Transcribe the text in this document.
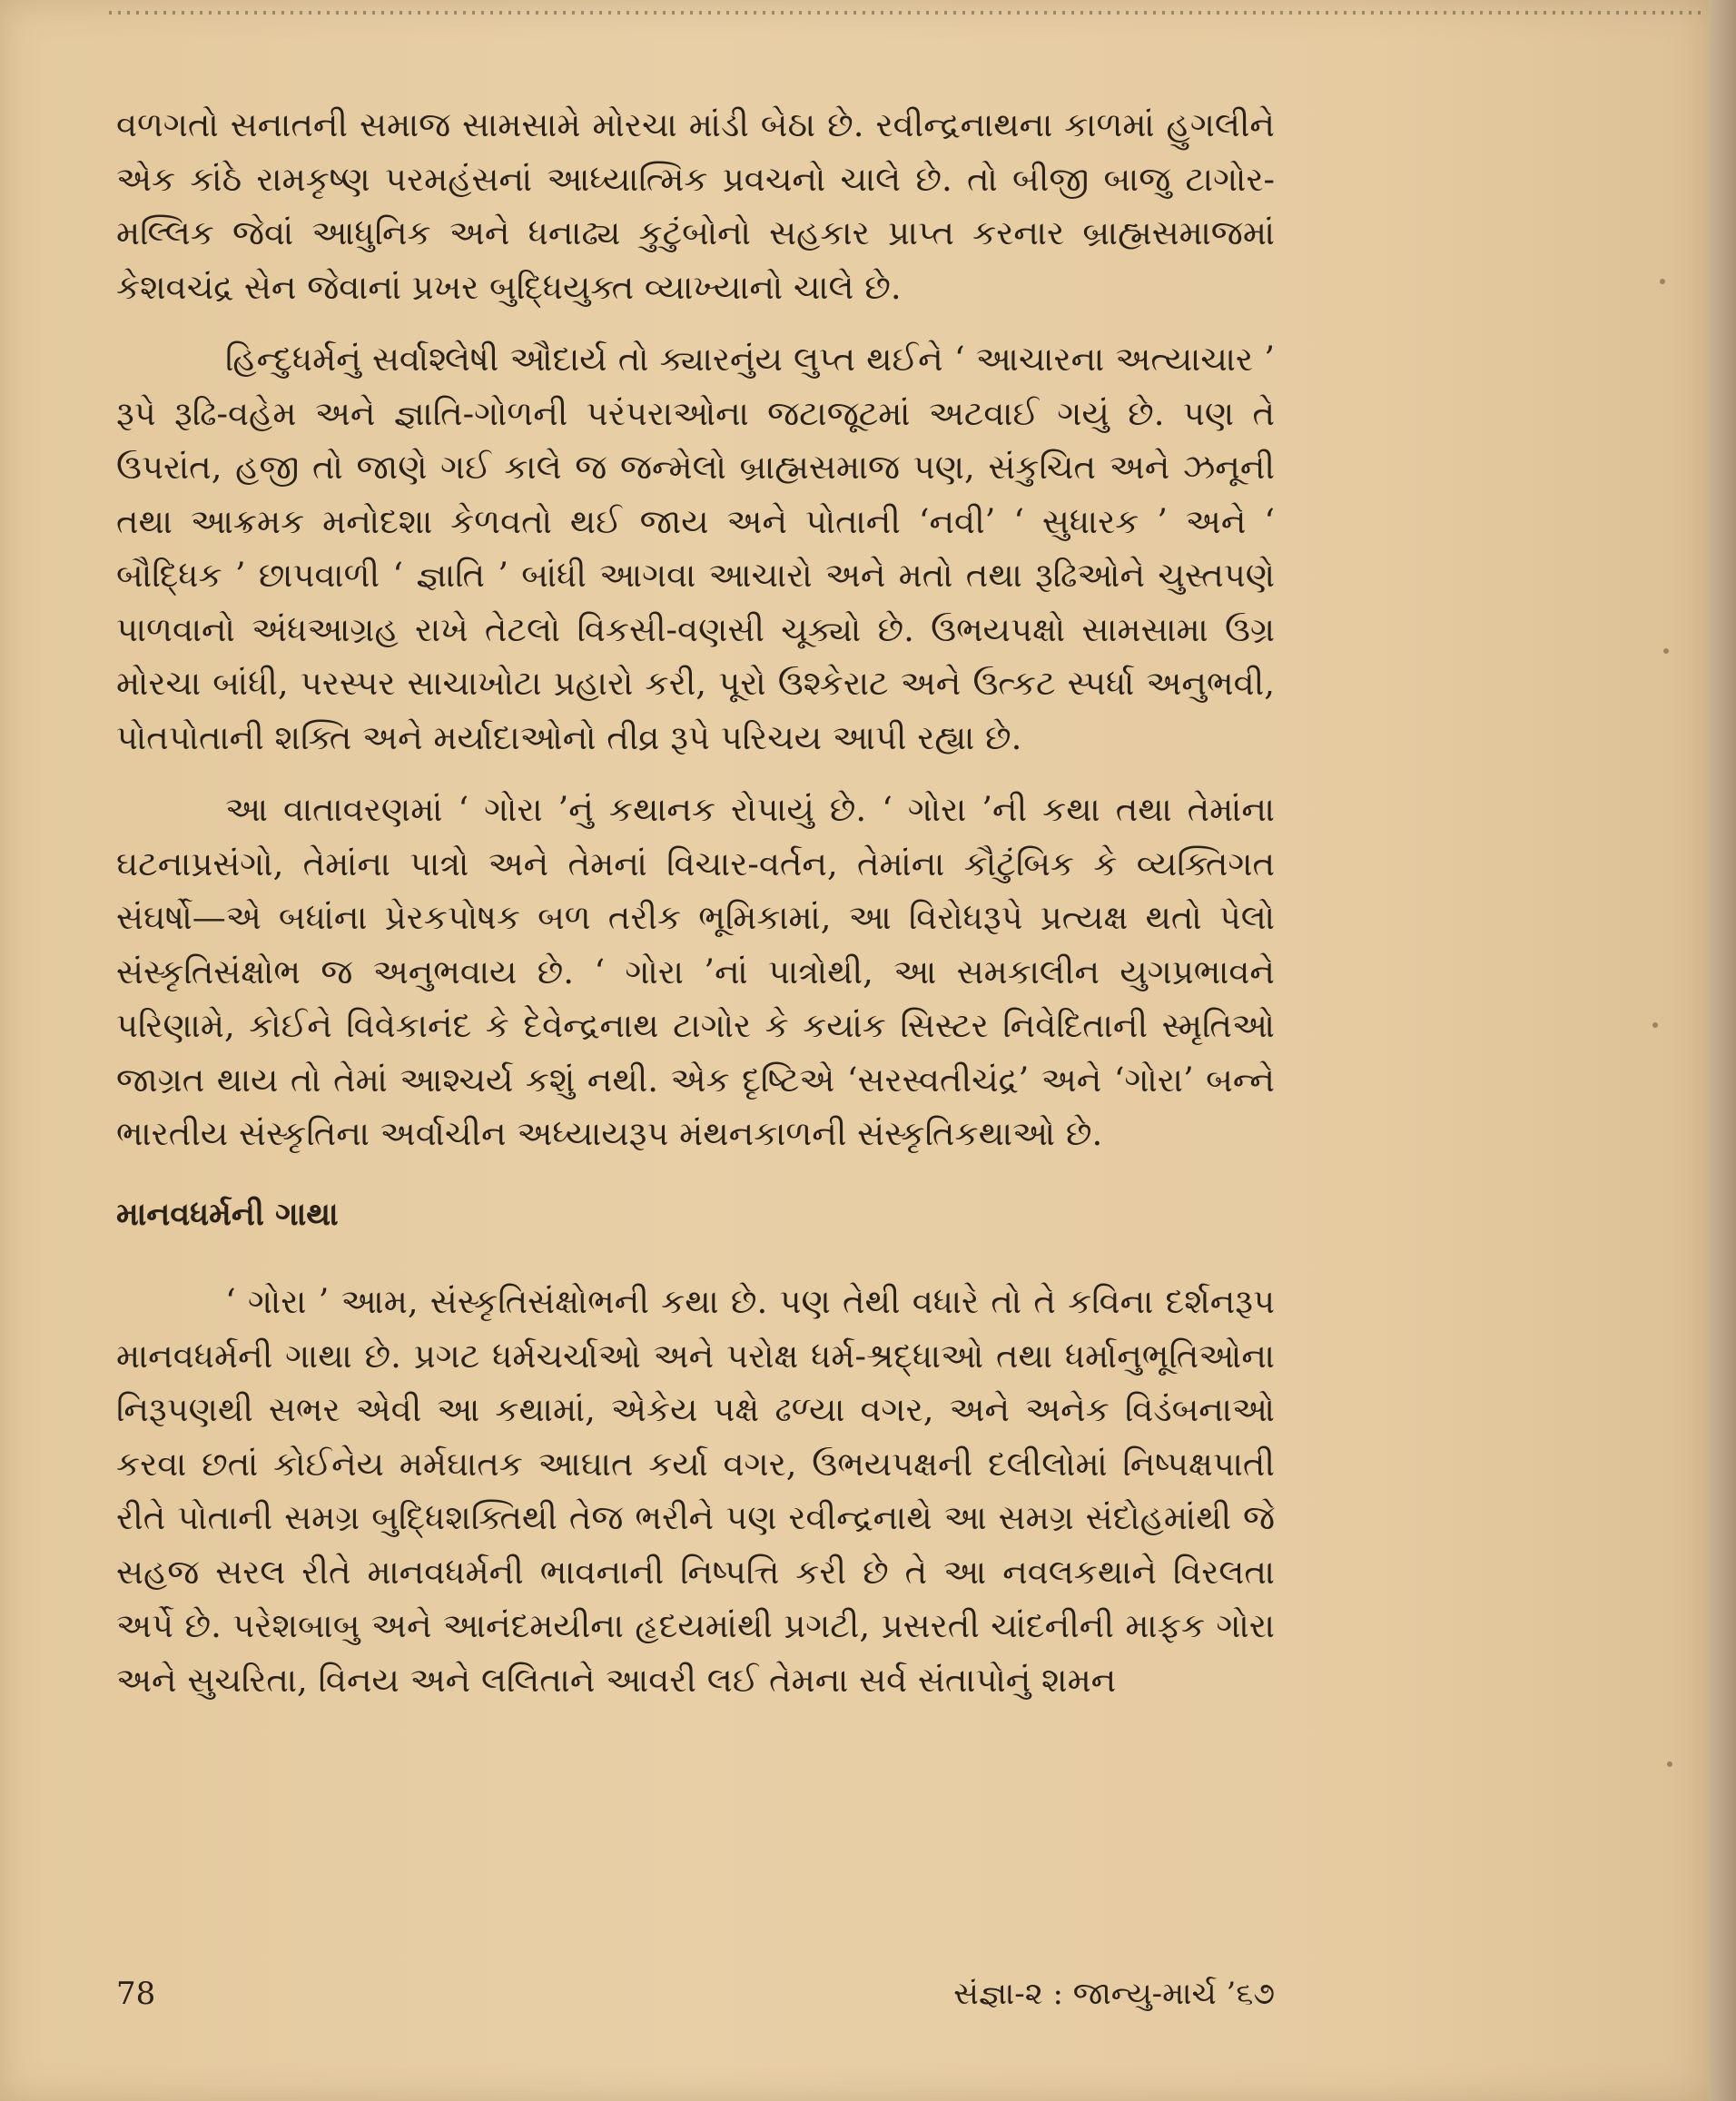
વળગતો સનાતની સમાજ સામસામે મોરચા માંડી બેઠા છે. રવીન્દ્રનાથના કાળમાં હુગલીને એક કાંઠે રામકૃષ્ણ પરમહંસનાં આધ્યાત્મિક પ્રવચનો ચાલે છે. તો બીજી બાજુ ટાગોર- મલ્લિક જેવાં આધુનિક અને ધનાઢ્ય કુટુંબોનો સહકાર પ્રાપ્ત કરનાર બ્રાહ્મસમાજમાં કેશવચંદ્ર સેન જેવાનાં પ્રખર બુદ્ધિયુક્ત વ્યાખ્યાનો ચાલે છે.

હિન્દુધર્મનું સર્વાશ્લેષી ઔદાર્ય તો ક્યારનુંય લુપ્ત થઈને ‘ આચારના અત્યાચાર ’ રૂપે રૂઢિ-વહેમ અને જ્ઞાતિ-ગોળની પરંપરાઓના જટાજૂટમાં અટવાઈ ગયું છે. પણ તે ઉપરાંત, હજી તો જાણે ગઈ કાલે જ જન્મેલો બ્રાહ્મસમાજ પણ, સંકુચિત અને ઝનૂની તથા આક્રમક મનોદશા કેળવતો થઈ જાય અને પોતાની ‘નવી’ ‘ સુધારક ’ અને ‘ બૌદ્ધિક ’ છાપવાળી ‘ જ્ઞાતિ ’ બાંધી આગવા આચારો અને મતો તથા રૂઢિઓને ચુસ્તપણે પાળવાનો અંધઆગ્રહ રાખે તેટલો વિકસી-વણસી ચૂક્યો છે. ઉભયપક્ષો સામસામા ઉગ્ર મોરચા બાંધી, પરસ્પર સાચાખોટા પ્રહારો કરી, પૂરો ઉશ્કેરાટ અને ઉત્કટ સ્પર્ધા અનુભવી, પોતપોતાની શક્તિ અને મર્યાદાઓનો તીવ્ર રૂપે પરિચય આપી રહ્યા છે.

આ વાતાવરણમાં ‘ ગોરા ’નું કથાનક રોપાયું છે. ‘ ગોરા ’ની કથા તથા તેમાંના ઘટનાપ્રસંગો, તેમાંના પાત્રો અને તેમનાં વિચાર-વર્તન, તેમાંના કૌટુંબિક કે વ્યક્તિગત સંઘર્ષો—એ બધાંના પ્રેરકપોષક બળ તરીક ભૂમિકામાં, આ વિરોધરૂપે પ્રત્યક્ષ થતો પેલો સંસ્કૃતિસંક્ષોભ જ અનુભવાય છે. ‘ ગોરા ’નાં પાત્રોથી, આ સમકાલીન યુગપ્રભાવને પરિણામે, કોઈને વિવેકાનંદ કે દેવેન્દ્રનાથ ટાગોર કે કયાંક સિસ્ટર નિવેદિતાની સ્મૃતિઓ જાગ્રત થાય તો તેમાં આશ્ચર્ય કશું નથી. એક દૃષ્ટિએ ‘સરસ્વતીચંદ્ર’ અને ‘ગોરા’ બન્ને ભારતીય સંસ્કૃતિના અર્વાચીન અધ્યાયરૂપ મંથનકાળની સંસ્કૃતિકથાઓ છે.

માનવધર્મની ગાથા

‘ ગોરા ’ આમ, સંસ્કૃતિસંક્ષોભની કથા છે. પણ તેથી વધારે તો તે કવિના દર્શનરૂપ માનવધર્મની ગાથા છે. પ્રગટ ધર્મચર્ચાઓ અને પરોક્ષ ધર્મ-શ્રદ્ધાઓ તથા ધર્માનુભૂતિઓના નિરૂપણથી સભર એવી આ કથામાં, એકેય પક્ષે ઢળ્યા વગર, અને અનેક વિડંબનાઓ કરવા છતાં કોઈનેય મર્મઘાતક આઘાત કર્યા વગર, ઉભયપક્ષની દલીલોમાં નિષ્પક્ષપાતી રીતે પોતાની સમગ્ર બુદ્ધિશક્તિથી તેજ ભરીને પણ રવીન્દ્રનાથે આ સમગ્ર સંદોહમાંથી જે સહજ સરલ રીતે માનવધર્મની ભાવનાની નિષ્પત્તિ કરી છે તે આ નવલકથાને વિરલતા અર્પે છે. પરેશબાબુ અને આનંદમયીના હૃદયમાંથી પ્રગટી, પ્રસરતી ચાંદનીની માફક ગોરા અને સુચરિતા, વિનય અને લલિતાને આવરી લઈ તેમના સર્વ સંતાપોનું શમન

78	સંજ્ઞા-૨ : જાન્યુ-માર્ચ ’૬૭
